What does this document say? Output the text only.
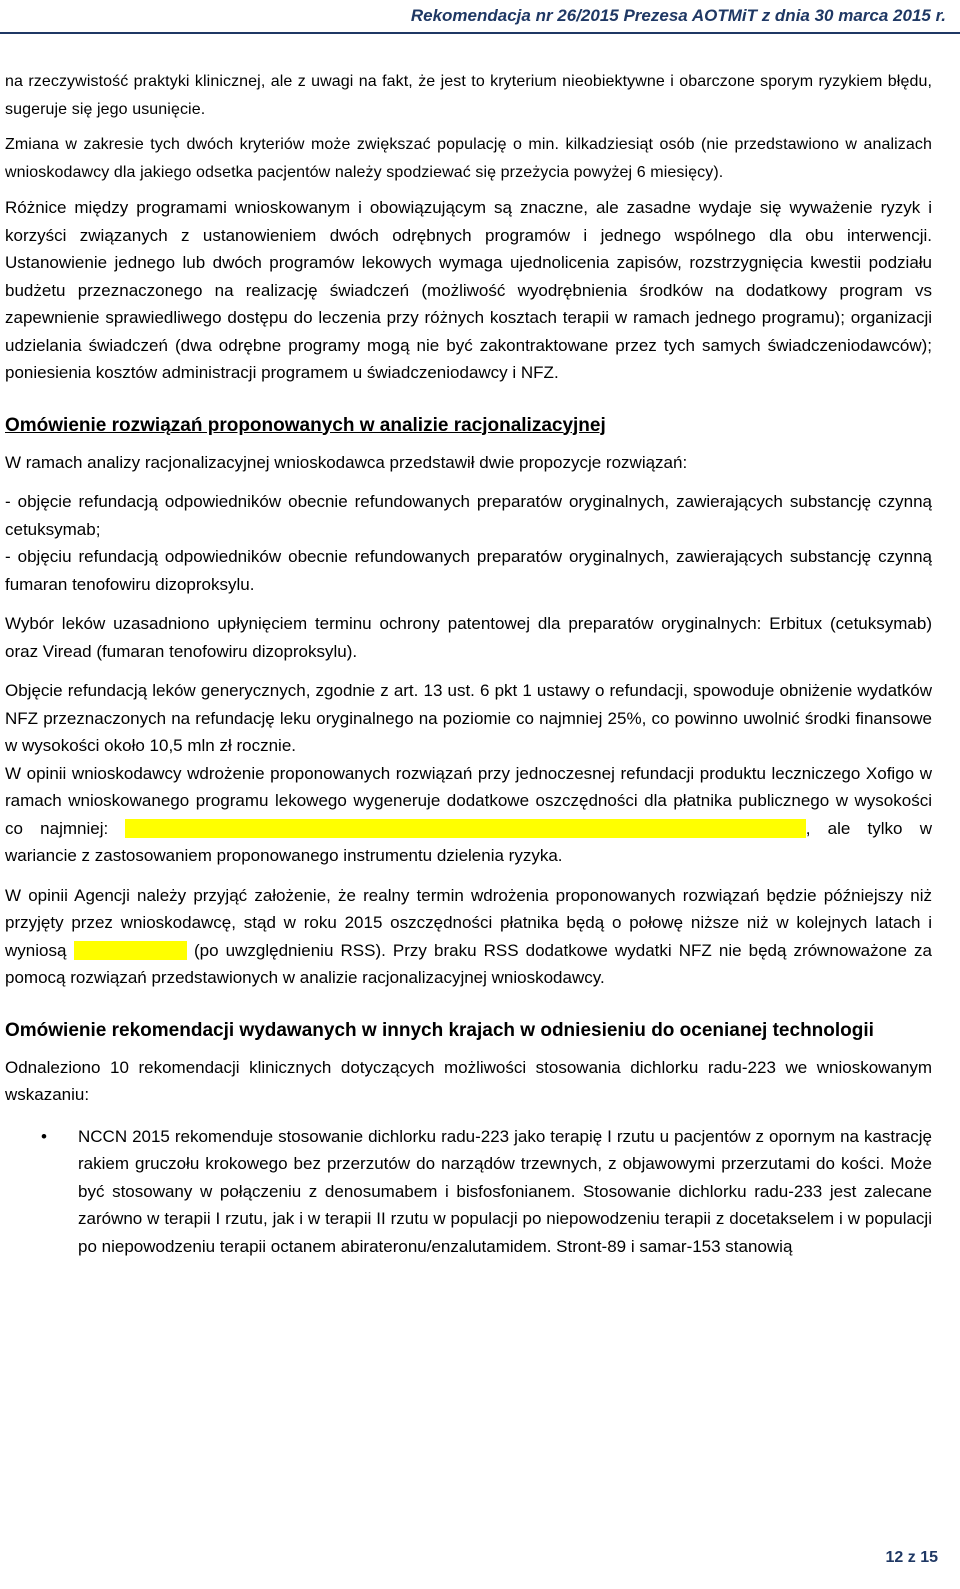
Rekomendacja nr 26/2015 Prezesa AOTMiT z dnia 30 marca 2015 r.

na rzeczywistość praktyki klinicznej, ale z uwagi na fakt, że jest to kryterium nieobiektywne i obarczone sporym ryzykiem błędu, sugeruje się jego usunięcie.

Zmiana w zakresie tych dwóch kryteriów może zwiększać populację o min. kilkadziesiąt osób (nie przedstawiono w analizach wnioskodawcy dla jakiego odsetka pacjentów należy spodziewać się przeżycia powyżej 6 miesięcy).

Różnice między programami wnioskowanym i obowiązującym są znaczne, ale zasadne wydaje się wyważenie ryzyk i korzyści związanych z ustanowieniem dwóch odrębnych programów i jednego wspólnego dla obu interwencji. Ustanowienie jednego lub dwóch programów lekowych wymaga ujednolicenia zapisów, rozstrzygnięcia kwestii podziału budżetu przeznaczonego na realizację świadczeń (możliwość wyodrębnienia środków na dodatkowy program vs zapewnienie sprawiedliwego dostępu do leczenia przy różnych kosztach terapii w ramach jednego programu); organizacji udzielania świadczeń (dwa odrębne programy mogą nie być zakontraktowane przez tych samych świadczeniodawców); poniesienia kosztów administracji programem u świadczeniodawcy i NFZ.

Omówienie rozwiązań proponowanych w analizie racjonalizacyjnej

W ramach analizy racjonalizacyjnej wnioskodawca przedstawił dwie propozycje rozwiązań:

- objęcie refundacją odpowiedników obecnie refundowanych preparatów oryginalnych, zawierających substancję czynną cetuksymab;

- objęciu refundacją odpowiedników obecnie refundowanych preparatów oryginalnych, zawierających substancję czynną fumaran tenofowiru dizoproksylu.

Wybór leków uzasadniono upłynięciem terminu ochrony patentowej dla preparatów oryginalnych: Erbitux (cetuksymab) oraz Viread (fumaran tenofowiru dizoproksylu).

Objęcie refundacją leków generycznych, zgodnie z art. 13 ust. 6 pkt 1 ustawy o refundacji, spowoduje obniżenie wydatków NFZ przeznaczonych na refundację leku oryginalnego na poziomie co najmniej 25%, co powinno uwolnić środki finansowe w wysokości około 10,5 mln zł rocznie.

W opinii wnioskodawcy wdrożenie proponowanych rozwiązań przy jednoczesnej refundacji produktu leczniczego Xofigo w ramach wnioskowanego programu lekowego wygeneruje dodatkowe oszczędności dla płatnika publicznego w wysokości co najmniej: XXXXXXXXXXXXXXXXXXXXXXXXXXXXXXXXXXXXXXXXXXXXXXXXXXXXXXXXXXXX, ale tylko w wariancie z zastosowaniem proponowanego instrumentu dzielenia ryzyka.

W opinii Agencji należy przyjąć założenie, że realny termin wdrożenia proponowanych rozwiązań będzie późniejszy niż przyjęty przez wnioskodawcę, stąd w roku 2015 oszczędności płatnika będą o połowę niższe niż w kolejnych latach i wyniosą XXXXXXXXXX (po uwzględnieniu RSS). Przy braku RSS dodatkowe wydatki NFZ nie będą zrównoważone za pomocą rozwiązań przedstawionych w analizie racjonalizacyjnej wnioskodawcy.

Omówienie rekomendacji wydawanych w innych krajach w odniesieniu do ocenianej technologii

Odnaleziono 10 rekomendacji klinicznych dotyczących możliwości stosowania dichlorku radu-223 we wnioskowanym wskazaniu:

• NCCN 2015 rekomenduje stosowanie dichlorku radu-223 jako terapię I rzutu u pacjentów z opornym na kastrację rakiem gruczołu krokowego bez przerzutów do narządów trzewnych, z objawowymi przerzutami do kości. Może być stosowany w połączeniu z denosumabem i bisfosfonianem. Stosowanie dichlorku radu-233 jest zalecane zarówno w terapii I rzutu, jak i w terapii II rzutu w populacji po niepowodzeniu terapii z docetakselem i w populacji po niepowodzeniu terapii octanem abirateronu/enzalutamidem. Stront-89 i samar-153 stanowią
12 z 15
